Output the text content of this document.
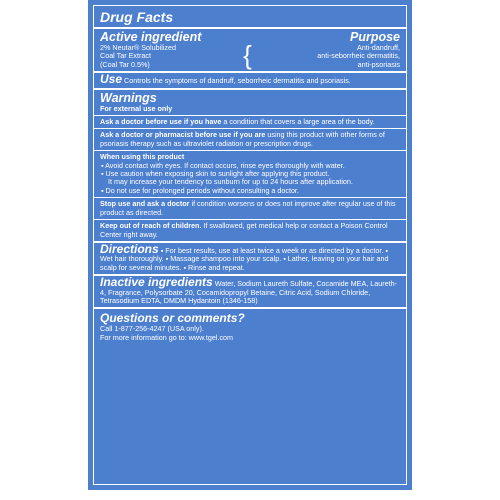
Drug Facts
Active ingredient	Purpose
2% Neutar® Solubilized
Coal Tar Extract
(Coal Tar 0.5%)	{	Anti-dandruff,
anti-seborrheic dermatitis,
anti-psoriasis
Use Controls the symptoms of dandruff, seborrheic dermatitis and psoriasis.
Warnings
For external use only
Ask a doctor before use if you have a condition that covers a large area of the body.
Ask a doctor or pharmacist before use if you are using this product with other forms of psoriasis therapy such as ultraviolet radiation or prescription drugs.
When using this product
▪ Avoid contact with eyes. If contact occurs, rinse eyes thoroughly with water.
▪ Use caution when exposing skin to sunlight after applying this product.
It may increase your tendency to sunburn for up to 24 hours after application.
▪ Do not use for prolonged periods without consulting a doctor.
Stop use and ask a doctor if condition worsens or does not improve after regular use of this product as directed.
Keep out of reach of children. If swallowed, get medical help or contact a Poison Control Center right away.
Directions ▪ For best results, use at least twice a week or as directed by a doctor. ▪ Wet hair thoroughly. ▪ Massage shampoo into your scalp. ▪ Lather, leaving on your hair and scalp for several minutes. ▪ Rinse and repeat.
Inactive ingredients Water, Sodium Laureth Sulfate, Cocamide MEA, Laureth-4, Fragrance, Polysorbate 20, Cocamidopropyl Betaine, Citric Acid, Sodium Chloride, Tetrasodium EDTA, DMDM Hydantoin (1346-158)
Questions or comments?
Call 1-877-256-4247 (USA only).
For more information go to: www.tgel.com
